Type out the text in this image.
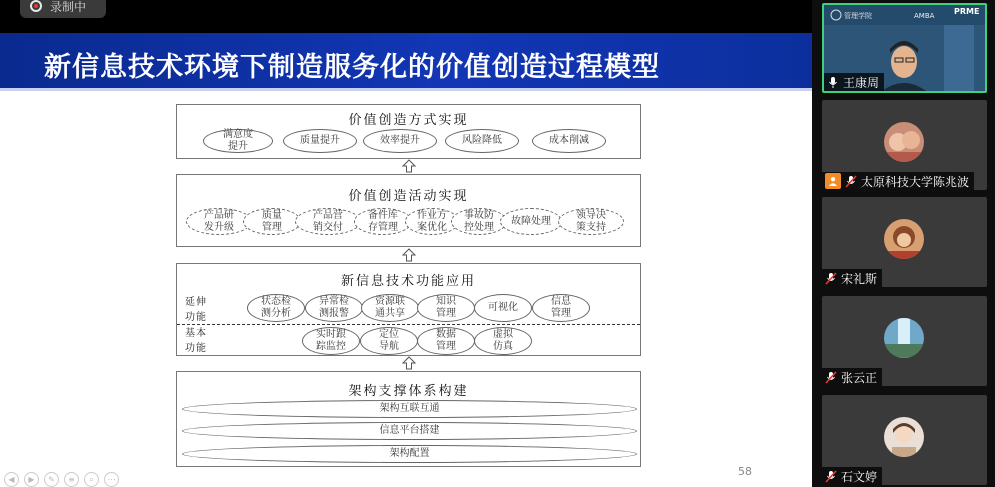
录制中
新信息技术环境下制造服务化的价值创造过程模型
价值创造方式实现
满意度
提升
质量提升	效率提升	风险降低	成本削减
价值创造活动实现
产品研
发升级
质量
管理
产品营
销交付
备件库
存管理
作业方
案优化
事故防
控处理
故障处理
领导决
策支持
新信息技术功能应用
延伸
功能
基本
功能
状态检
测分析
异常检
测报警
资源联
通共享
知识
管理
可视化
信息
管理
实时跟
踪监控
定位
导航
数据
管理
虚拟
仿真
架构支撑体系构建
架构互联互通
信息平台搭建
架构配置
58
◀	▶	✎	≡	⌕	⋯
管理学院	AMBA PRME
王康周
太原科技大学陈兆波
宋礼斯
张云正
石文婷
